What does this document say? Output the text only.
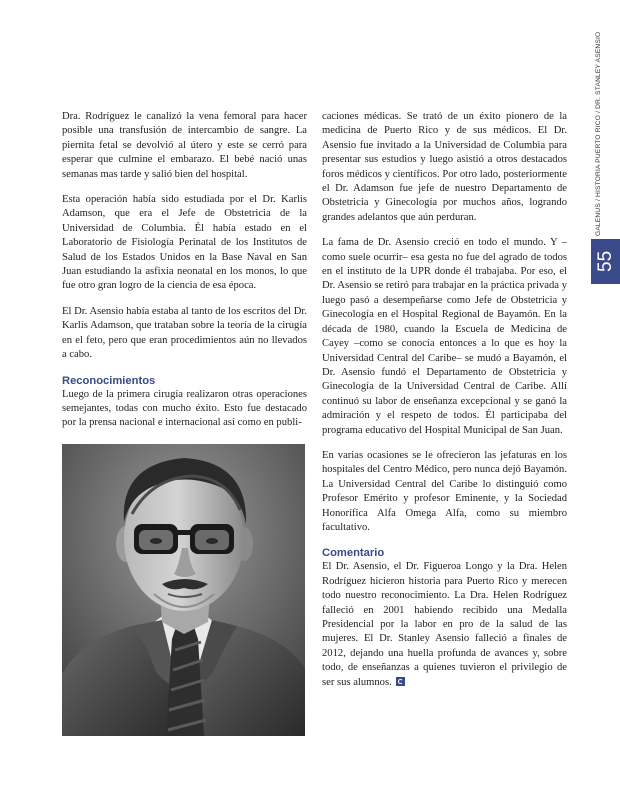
Dra. Rodríguez le canalizó la vena femoral para hacer posible una transfusión de intercambio de sangre. La piernita fetal se devolvió al útero y este se cerró para esperar que culmine el embarazo. El bebé nació unas semanas mas tarde y salió bien del hospital.

Esta operación había sido estudiada por el Dr. Karlis Adamson, que era el Jefe de Obstetricia de la Universidad de Columbia. Él había estado en el Laboratorio de Fisiología Perinatal de los Institutos de Salud de los Estados Unidos en la Base Naval en San Juan estudiando la asfixia neonatal en los monos, lo que fue otro gran logro de la ciencia de esa época.

El Dr. Asensio había estaba al tanto de los escritos del Dr. Karlis Adamson, que trataban sobre la teoría de la cirugía en el feto, pero que eran procedimientos aún no llevados a cabo.

Reconocimientos

Luego de la primera cirugía realizaron otras operaciones semejantes, todas con mucho éxito. Esto fue destacado por la prensa nacional e internacional así como en publi-

caciones médicas. Se trató de un éxito pionero de la medicina de Puerto Rico y de sus médicos. El Dr. Asensio fue invitado a la Universidad de Columbia para presentar sus estudios y luego asistió a otros destacados foros médicos y científicos. Por otro lado, posteriormente el Dr. Adamson fue jefe de nuestro Departamento de Obstetricia y Ginecología por muchos años, logrando grandes adelantos que aún perduran.

La fama de Dr. Asensio creció en todo el mundo. Y –como suele ocurrir– esa gesta no fue del agrado de todos en el instituto de la UPR donde él trabajaba. Por eso, el Dr. Asensio se retiró para trabajar en la práctica privada y luego pasó a desempeñarse como Jefe de Obstetricia y Ginecología en el Hospital Regional de Bayamón. En la década de 1980, cuando la Escuela de Medicina de Cayey –como se conocía entonces a lo que es hoy la Universidad Central del Caribe– se mudó a Bayamón, el Dr. Asensio fundó el Departamento de Obstetricia y Ginecología de la Universidad Central de Caribe. Allí continuó su labor de enseñanza excepcional y se ganó la admiración y el respeto de todos. Él participaba del programa educativo del Hospital Municipal de San Juan.

En varias ocasiones se le ofrecieron las jefaturas en los hospitales del Centro Médico, pero nunca dejó Bayamón. La Universidad Central del Caribe lo distinguió como Profesor Emérito y profesor Eminente, y la Sociedad Honorífica Alfa Omega Alfa, como su miembro facultativo.

Comentario

El Dr. Asensio, el Dr. Figueroa Longo y la Dra. Helen Rodríguez hicieron historia para Puerto Rico y merecen todo nuestro reconocimiento. La Dra. Helen Rodríguez falleció en 2001 habiendo recibido una Medalla Presidencial por la labor en pro de la salud de las mujeres. El Dr. Stanley Asensio falleció a finales de 2012, dejando una huella profunda de avances y, sobre todo, de enseñanzas a quienes tuvieron el privilegio de ser sus alumnos.

GALENUS / HISTORIA PUERTO RICO / DR. STANLEY ASENSIO
55
